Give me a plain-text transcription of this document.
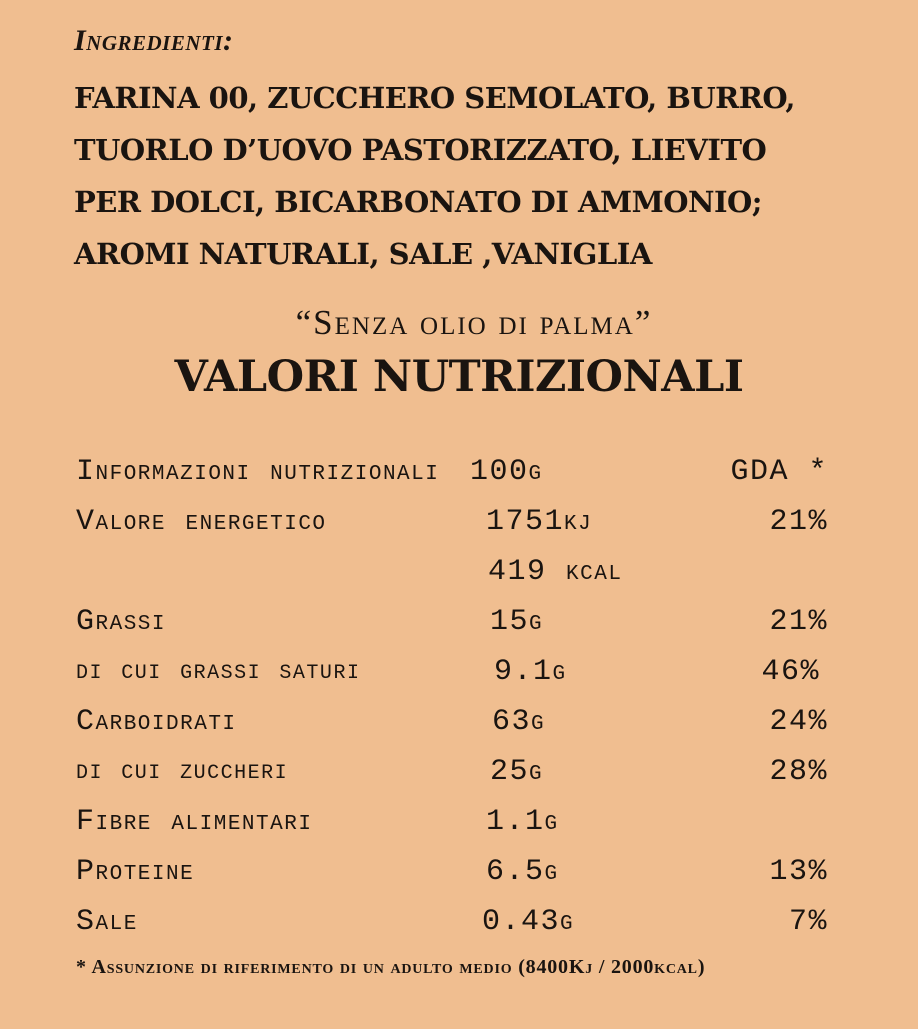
Ingredienti:
FARINA 00, ZUCCHERO SEMOLATO, BURRO,
TUORLO D’UOVO PASTORIZZATO, LIEVITO
PER DOLCI, BICARBONATO DI AMMONIO;
AROMI NATURALI, SALE ,VANIGLIA
“Senza olio di palma”
VALORI NUTRIZIONALI
Informazioni nutrizionali 100g	GDA *
Valore energetico	1751kj	21%
419 kcal
Grassi	15g	21%
di cui grassi saturi	9.1g	46%
Carboidrati	63g	24%
di cui zuccheri	25g	28%
Fibre alimentari	1.1g
Proteine	6.5g	13%
Sale	0.43g	7%
* Assunzione di riferimento di un adulto medio (8400Kj / 2000kcal)
